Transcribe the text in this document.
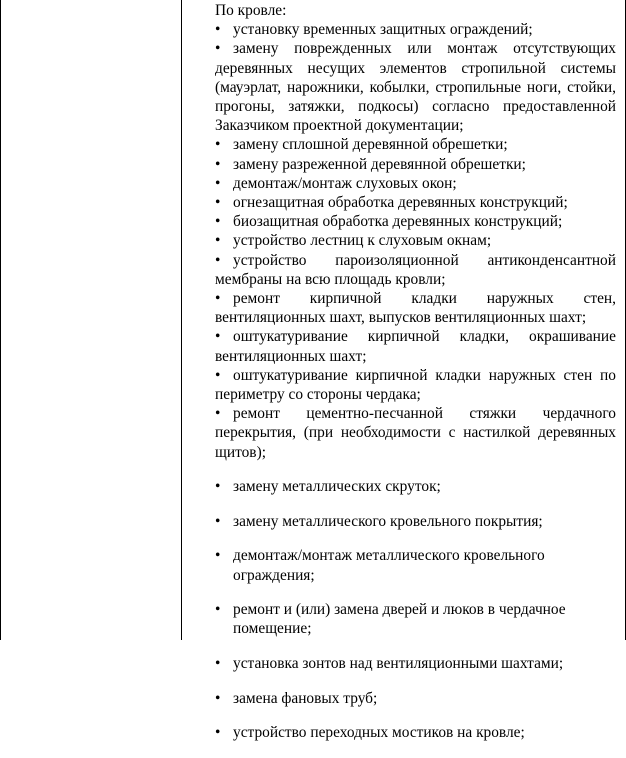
По кровле:

• установку временных защитных ограждений;

• замену поврежденных или монтаж отсутствующих деревянных несущих элементов стропильной системы (мауэрлат, нарожники, кобылки, стропильные ноги, стойки, прогоны, затяжки, подкосы) согласно предоставленной Заказчиком проектной документации;

• замену сплошной деревянной обрешетки;

• замену разреженной деревянной обрешетки;

• демонтаж/монтаж слуховых окон;

• огнезащитная обработка деревянных конструкций;

• биозащитная обработка деревянных конструкций;

• устройство лестниц к слуховым окнам;

• устройство пароизоляционной антиконденсантной мембраны на всю площадь кровли;

• ремонт кирпичной кладки наружных стен, вентиляционных шахт, выпусков вентиляционных шахт;

• оштукатуривание кирпичной кладки, окрашивание вентиляционных шахт;

• оштукатуривание кирпичной кладки наружных стен по периметру со стороны чердака;

• ремонт цементно-песчанной стяжки чердачного перекрытия, (при необходимости с настилкой деревянных щитов);

• замену металлических скруток;

• замену металлического кровельного покрытия;

• демонтаж/монтаж металлического кровельного ограждения;

• ремонт и (или) замена дверей и люков в чердачное помещение;

• установка зонтов над вентиляционными шахтами;

• замена фановых труб;

• устройство переходных мостиков на кровле;
